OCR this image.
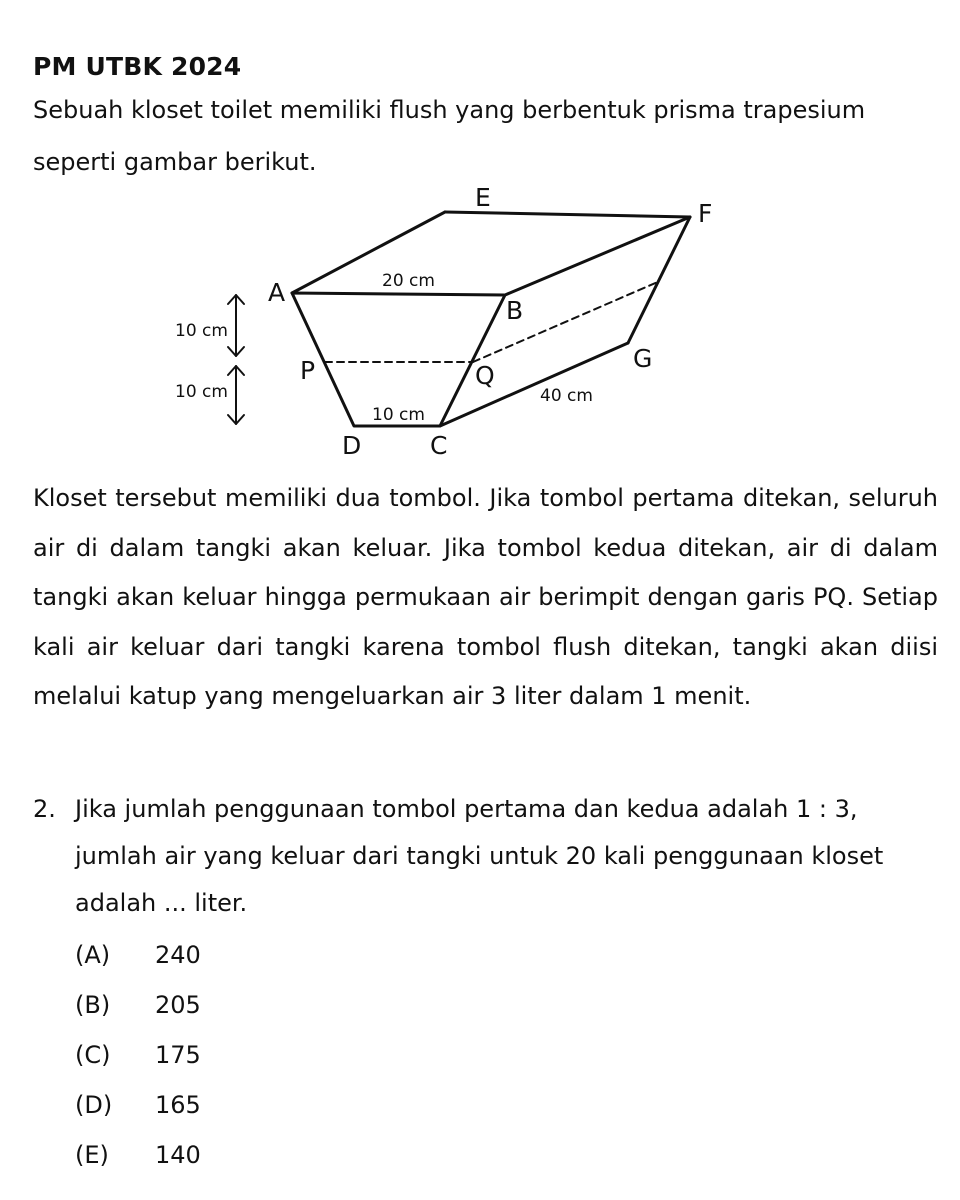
PM UTBK 2024
Sebuah kloset toilet memiliki flush yang berbentuk prisma trapesium seperti gambar berikut.
E
F
A
B
P	Q
G
D	C
20 cm
10 cm
40 cm
10 cm
10 cm
Kloset tersebut memiliki dua tombol. Jika tombol pertama ditekan, seluruh air di dalam tangki akan keluar. Jika tombol kedua ditekan, air di dalam tangki akan keluar hingga permukaan air berimpit dengan garis PQ. Setiap kali air keluar dari tangki karena tombol flush ditekan, tangki akan diisi melalui katup yang mengeluarkan air 3 liter dalam 1 menit.
2. Jika jumlah penggunaan tombol pertama dan kedua adalah 1 : 3, jumlah air yang keluar dari tangki untuk 20 kali penggunaan kloset adalah ... liter.
(A)	240
(B)	205
(C)	175
(D)	165
(E)	140
